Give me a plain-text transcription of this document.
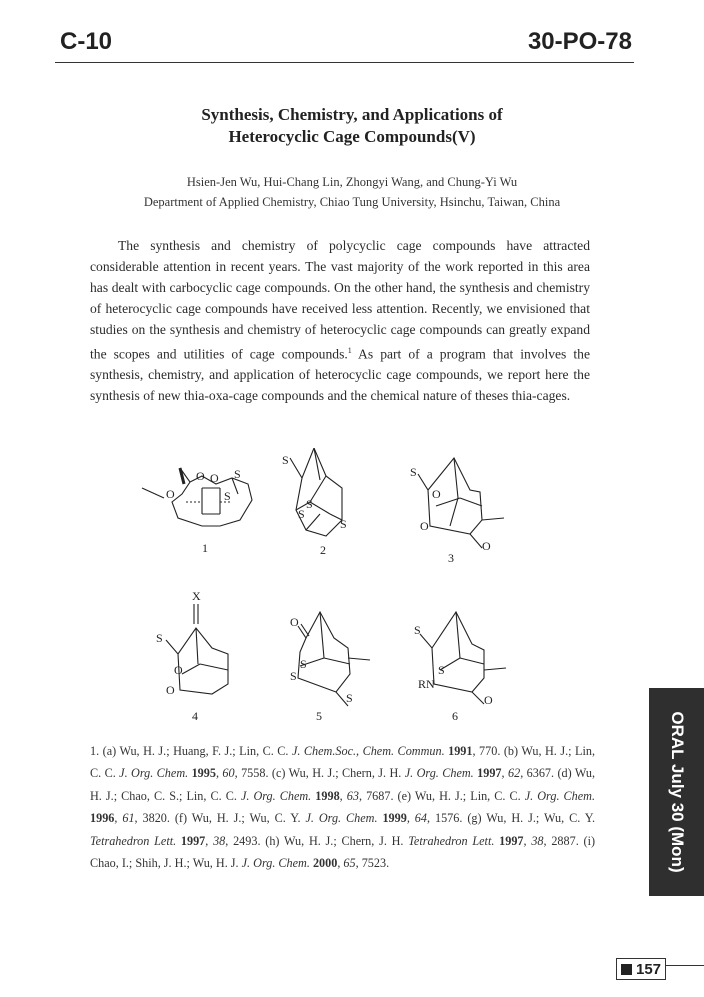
C-10	30-PO-78
Synthesis, Chemistry, and Applications of
Heterocyclic Cage Compounds(V)
Hsien-Jen Wu, Hui-Chang Lin, Zhongyi Wang, and Chung-Yi Wu
Department of Applied Chemistry, Chiao Tung University, Hsinchu, Taiwan, China
The synthesis and chemistry of polycyclic cage compounds have attracted considerable attention in recent years. The vast majority of the work reported in this area has dealt with carbocyclic cage compounds. On the other hand, the synthesis and chemistry of heterocyclic cage compounds have received less attention. Recently, we envisioned that studies on the synthesis and chemistry of heterocyclic cage compounds can greatly expand the scopes and utilities of cage compounds.$^1$ As part of a program that involves the synthesis, chemistry, and application of heterocyclic cage compounds, we report here the synthesis of new thia-oxa-cage compounds and the chemical nature of theses thia-cages.
O
O
S
O
S
1
S
S
S
S
2
S
O
O
O
3
X
S
O
O
4
O
S
S
S
5
S
S
RN
O
6
1. (a) Wu, H. J.; Huang, F. J.; Lin, C. C. J. Chem.Soc., Chem. Commun. 1991, 770. (b) Wu, H. J.; Lin, C. C. J. Org. Chem. 1995, 60, 7558. (c) Wu, H. J.; Chern, J. H. J. Org. Chem. 1997, 62, 6367. (d) Wu, H. J.; Chao, C. S.; Lin, C. C. J. Org. Chem. 1998, 63, 7687. (e) Wu, H. J.; Lin, C. C. J. Org. Chem. 1996, 61, 3820. (f) Wu, H. J.; Wu, C. Y. J. Org. Chem. 1999, 64, 1576. (g) Wu, H. J.; Wu, C. Y. Tetrahedron Lett. 1997, 38, 2493. (h) Wu, H. J.; Chern, J. H. Tetrahedron Lett. 1997, 38, 2887. (i) Chao, I.; Shih, J. H.; Wu, H. J. J. Org. Chem. 2000, 65, 7523.	ORAL July 30 (Mon)
157
